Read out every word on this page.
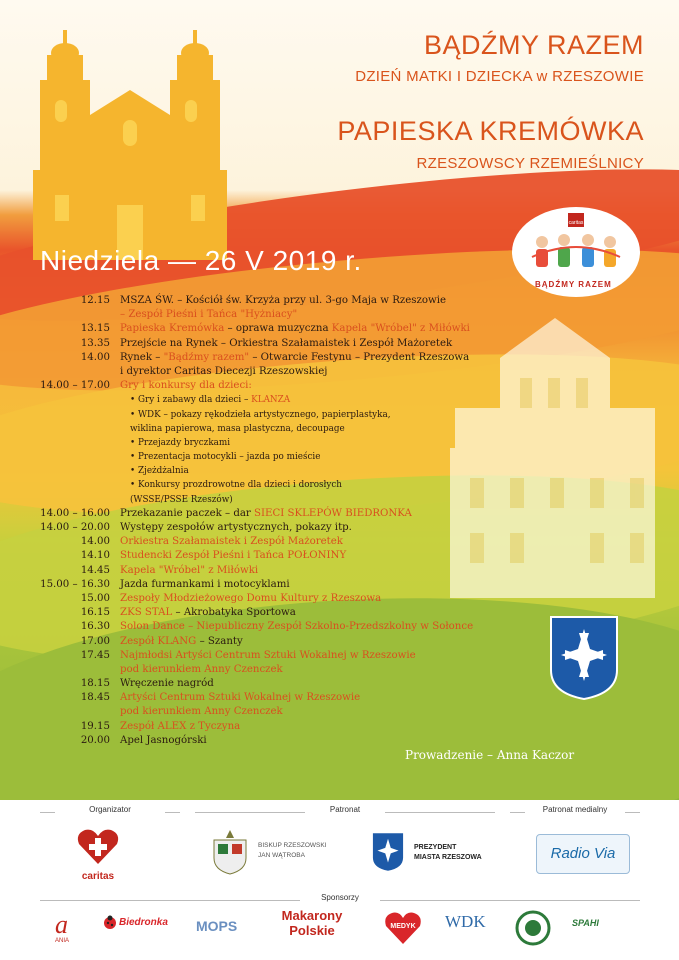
BĄDŹMY RAZEM
DZIEŃ MATKI I DZIECKA w RZESZOWIE
PAPIESKA KREMÓWKA
RZESZOWSCY RZEMIEŚLNICY
Niedziela — 26 V 2019 r.
caritas
BĄDŹMY RAZEM
12.15 MSZA ŚW. – Kościół św. Krzyża przy ul. 3-go Maja w Rzeszowie
– Zespół Pieśni i Tańca "Hyżniacy"
13.15 Papieska Kremówka – oprawa muzyczna Kapela "Wróbel" z Miłówki
13.35 Przejście na Rynek – Orkiestra Szałamaistek i Zespół Mażoretek
14.00 Rynek – "Bądźmy razem" – Otwarcie Festynu – Prezydent Rzeszowa
i dyrektor Caritas Diecezji Rzeszowskiej
14.00 – 17.00 Gry i konkursy dla dzieci:
• Gry i zabawy dla dzieci – KLANZA
• WDK – pokazy rękodzieła artystycznego, papierplastyka,
wiklina papierowa, masa plastyczna, decoupage
• Przejazdy bryczkami
• Prezentacja motocykli – jazda po mieście
• Zjeżdżalnia
• Konkursy prozdrowotne dla dzieci i dorosłych
(WSSE/PSSE Rzeszów)
14.00 – 16.00 Przekazanie paczek – dar SIECI SKLEPÓW BIEDRONKA
14.00 – 20.00 Występy zespołów artystycznych, pokazy itp.
14.00 Orkiestra Szałamaistek i Zespół Mażoretek
14.10 Studencki Zespół Pieśni i Tańca POŁONINY
14.45 Kapela "Wróbel" z Miłówki
15.00 – 16.30 Jazda furmankami i motocyklami
15.00 Zespoły Młodzieżowego Domu Kultury z Rzeszowa
16.15 ZKS STAL – Akrobatyka Sportowa
16.30 Solon Dance – Niepubliczny Zespół Szkolno-Przedszkolny w Sołonce
17.00 Zespół KLANG – Szanty
17.45 Najmłodsi Artyści Centrum Sztuki Wokalnej w Rzeszowie
pod kierunkiem Anny Czenczek
18.15 Wręczenie nagród
18.45 Artyści Centrum Sztuki Wokalnej w Rzeszowie
pod kierunkiem Anny Czenczek
19.15 Zespół ALEX z Tyczyna
20.00 Apel Jasnogórski
Prowadzenie – Anna Kaczor
Organizator	Patronat	Patronat medialny
caritas
BISKUP RZESZOWSKI
JAN WĄTROBA
PREZYDENT
MIASTA RZESZOWA	Radio Via
Sponsorzy
a
ANIA
Biedronka MOPS
Makarony Polskie	MEDYK	WDK	SPAHI
